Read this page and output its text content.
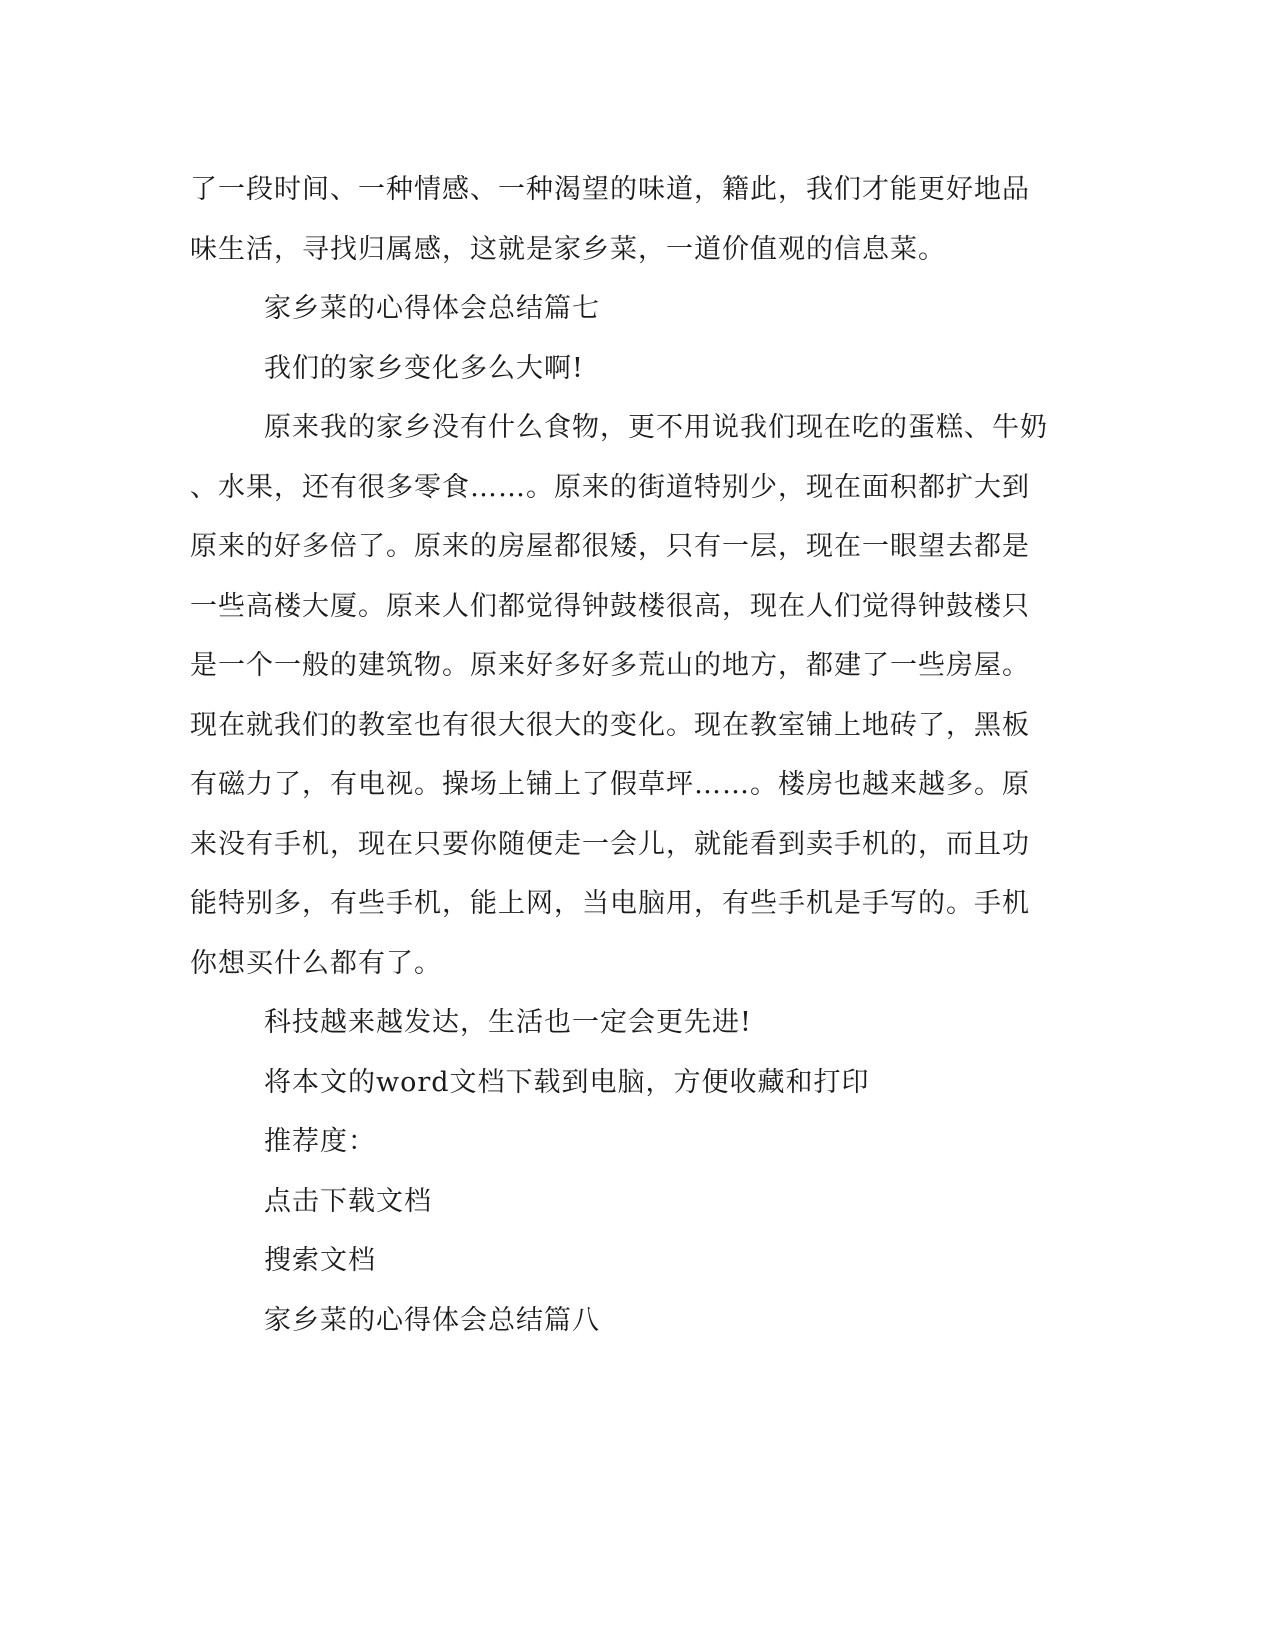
了一段时间、一种情感、一种渴望的味道，籍此，我们才能更好地品
味生活，寻找归属感，这就是家乡菜，一道价值观的信息菜。
家乡菜的心得体会总结篇七
我们的家乡变化多么大啊!
原来我的家乡没有什么食物，更不用说我们现在吃的蛋糕、牛奶
、水果，还有很多零食……。原来的街道特别少，现在面积都扩大到
原来的好多倍了。原来的房屋都很矮，只有一层，现在一眼望去都是
一些高楼大厦。原来人们都觉得钟鼓楼很高，现在人们觉得钟鼓楼只
是一个一般的建筑物。原来好多好多荒山的地方，都建了一些房屋。
现在就我们的教室也有很大很大的变化。现在教室铺上地砖了，黑板
有磁力了，有电视。操场上铺上了假草坪……。楼房也越来越多。原
来没有手机，现在只要你随便走一会儿，就能看到卖手机的，而且功
能特别多，有些手机，能上网，当电脑用，有些手机是手写的。手机
你想买什么都有了。
科技越来越发达，生活也一定会更先进!
将本文的word文档下载到电脑，方便收藏和打印
推荐度：
点击下载文档
搜索文档
家乡菜的心得体会总结篇八
